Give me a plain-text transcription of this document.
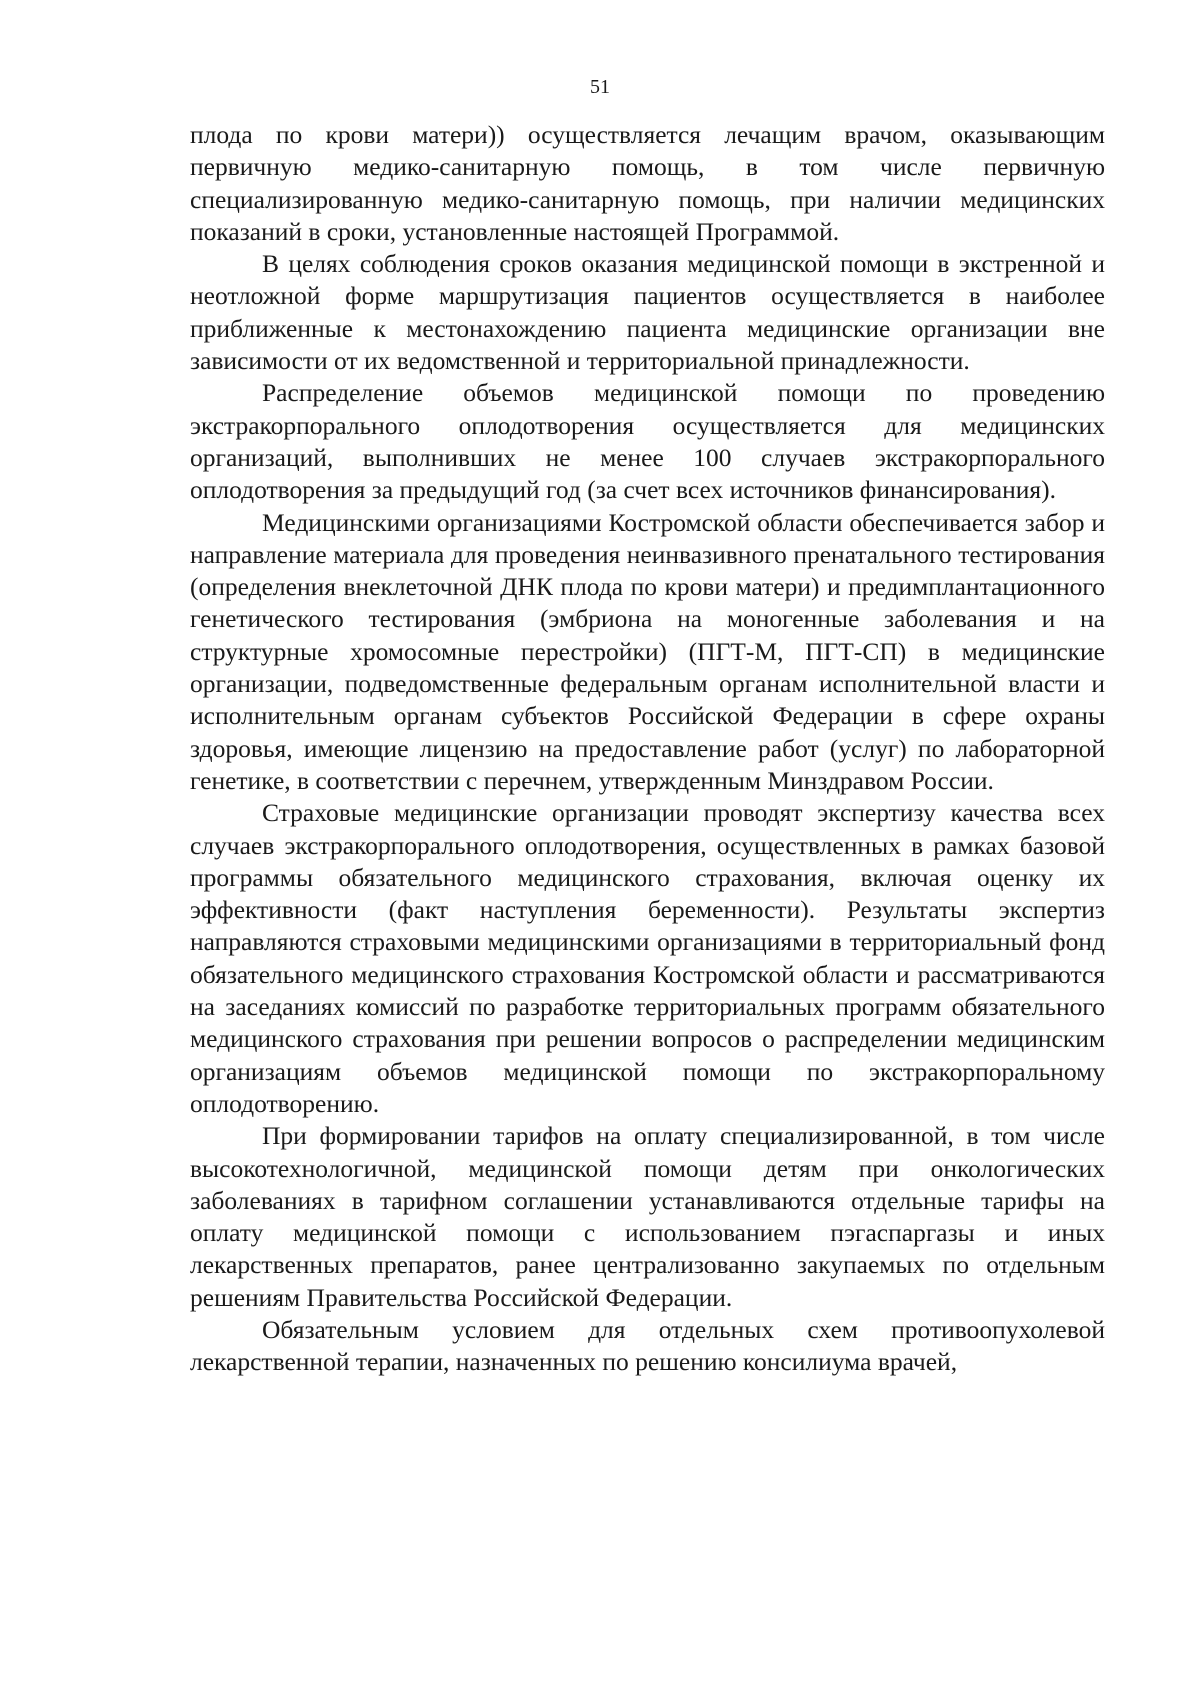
51

плода по крови матери)) осуществляется лечащим врачом, оказывающим первичную медико-санитарную помощь, в том числе первичную специализированную медико-санитарную помощь, при наличии медицинских показаний в сроки, установленные настоящей Программой.

В целях соблюдения сроков оказания медицинской помощи в экстренной и неотложной форме маршрутизация пациентов осуществляется в наиболее приближенные к местонахождению пациента медицинские организации вне зависимости от их ведомственной и территориальной принадлежности.

Распределение объемов медицинской помощи по проведению экстракорпорального оплодотворения осуществляется для медицинских организаций, выполнивших не менее 100 случаев экстракорпорального оплодотворения за предыдущий год (за счет всех источников финансирования).

Медицинскими организациями Костромской области обеспечивается забор и направление материала для проведения неинвазивного пренатального тестирования (определения внеклеточной ДНК плода по крови матери) и предимплантационного генетического тестирования (эмбриона на моногенные заболевания и на структурные хромосомные перестройки) (ПГТ-М, ПГТ-СП) в медицинские организации, подведомственные федеральным органам исполнительной власти и исполнительным органам субъектов Российской Федерации в сфере охраны здоровья, имеющие лицензию на предоставление работ (услуг) по лабораторной генетике, в соответствии с перечнем, утвержденным Минздравом России.

Страховые медицинские организации проводят экспертизу качества всех случаев экстракорпорального оплодотворения, осуществленных в рамках базовой программы обязательного медицинского страхования, включая оценку их эффективности (факт наступления беременности). Результаты экспертиз направляются страховыми медицинскими организациями в территориальный фонд обязательного медицинского страхования Костромской области и рассматриваются на заседаниях комиссий по разработке территориальных программ обязательного медицинского страхования при решении вопросов о распределении медицинским организациям объемов медицинской помощи по экстракорпоральному оплодотворению.

При формировании тарифов на оплату специализированной, в том числе высокотехнологичной, медицинской помощи детям при онкологических заболеваниях в тарифном соглашении устанавливаются отдельные тарифы на оплату медицинской помощи с использованием пэгаспаргазы и иных лекарственных препаратов, ранее централизованно закупаемых по отдельным решениям Правительства Российской Федерации.

Обязательным условием для отдельных схем противоопухолевой лекарственной терапии, назначенных по решению консилиума врачей,
